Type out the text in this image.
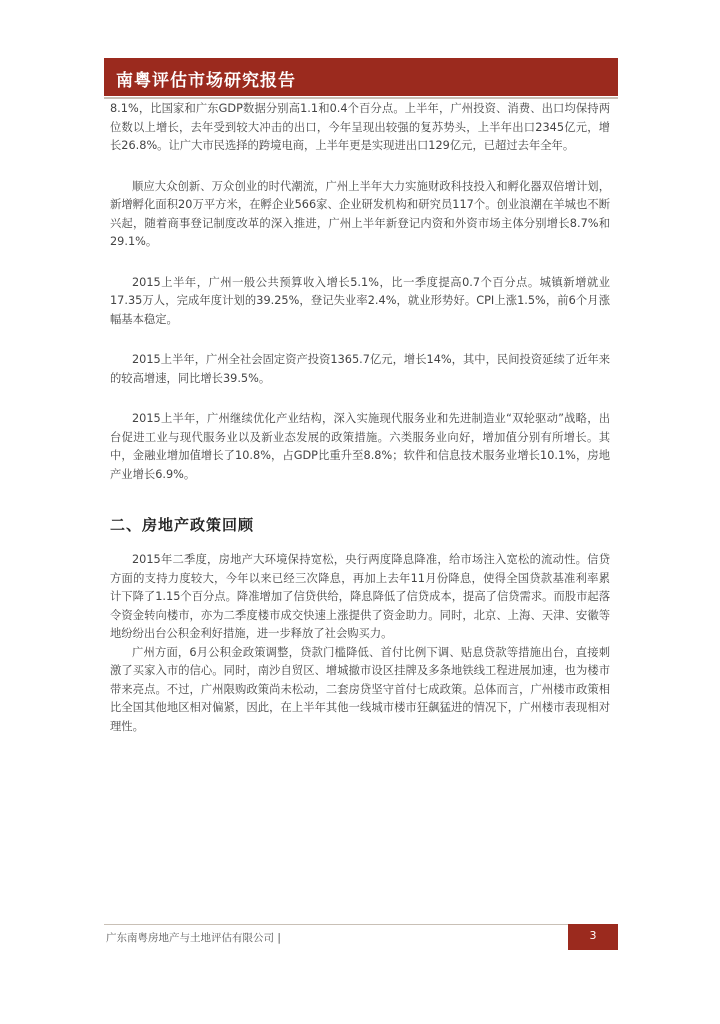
南粤评估市场研究报告

8.1%，比国家和广东GDP数据分别高1.1和0.4个百分点。上半年，广州投资、消费、出口均保持两位数以上增长，去年受到较大冲击的出口，今年呈现出较强的复苏势头，上半年出口2345亿元，增长26.8%。让广大市民选择的跨境电商，上半年更是实现进出口129亿元，已超过去年全年。

顺应大众创新、万众创业的时代潮流，广州上半年大力实施财政科技投入和孵化器双倍增计划，新增孵化面积20万平方米，在孵企业566家、企业研发机构和研究员117个。创业浪潮在羊城也不断兴起，随着商事登记制度改革的深入推进，广州上半年新登记内资和外资市场主体分别增长8.7%和29.1%。

2015上半年，广州一般公共预算收入增长5.1%，比一季度提高0.7个百分点。城镇新增就业17.35万人，完成年度计划的39.25%，登记失业率2.4%，就业形势好。CPI上涨1.5%，前6个月涨幅基本稳定。

2015上半年，广州全社会固定资产投资1365.7亿元，增长14%，其中，民间投资延续了近年来的较高增速，同比增长39.5%。

2015上半年，广州继续优化产业结构，深入实施现代服务业和先进制造业“双轮驱动”战略，出台促进工业与现代服务业以及新业态发展的政策措施。六类服务业向好，增加值分别有所增长。其中，金融业增加值增长了10.8%，占GDP比重升至8.8%；软件和信息技术服务业增长10.1%，房地产业增长6.9%。

二、房地产政策回顾

2015年二季度，房地产大环境保持宽松，央行两度降息降准，给市场注入宽松的流动性。信贷方面的支持力度较大，今年以来已经三次降息，再加上去年11月份降息，使得全国贷款基准利率累计下降了1.15个百分点。降准增加了信贷供给，降息降低了信贷成本，提高了信贷需求。而股市起落令资金转向楼市，亦为二季度楼市成交快速上涨提供了资金助力。同时，北京、上海、天津、安徽等地纷纷出台公积金利好措施，进一步释放了社会购买力。

广州方面，6月公积金政策调整，贷款门槛降低、首付比例下调、贴息贷款等措施出台，直接刺激了买家入市的信心。同时，南沙自贸区、增城撤市设区挂牌及多条地铁线工程进展加速，也为楼市带来亮点。不过，广州限购政策尚未松动，二套房贷坚守首付七成政策。总体而言，广州楼市政策相比全国其他地区相对偏紧，因此，在上半年其他一线城市楼市狂飙猛进的情况下，广州楼市表现相对理性。

广东南粤房地产与土地评估有限公司 |	3
